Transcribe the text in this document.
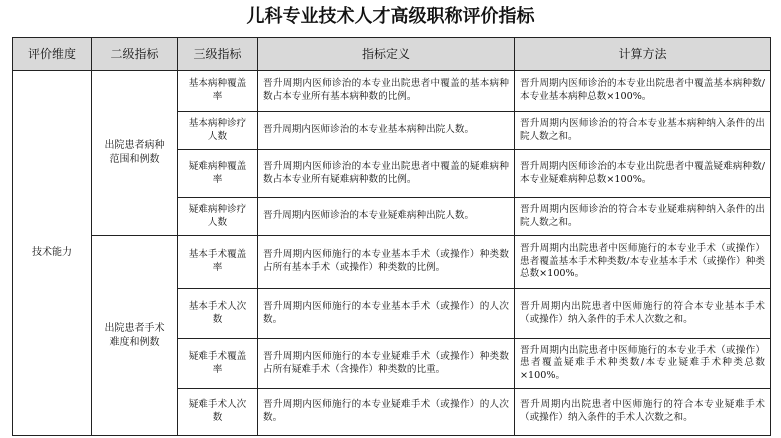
儿科专业技术人才高级职称评价指标
评价维度	二级指标	三级指标	指标定义	计算方法
技术能力	出院患者病种范围和例数	基本病种覆盖率	晋升周期内医师诊治的本专业出院患者中覆盖的基本病种数占本专业所有基本病种数的比例。	晋升周期内医师诊治的本专业出院患者中覆盖基本病种数/本专业基本病种总数×100%。
		基本病种诊疗人数	晋升周期内医师诊治的本专业基本病种出院人数。	晋升周期内医师诊治的符合本专业基本病种纳入条件的出院人数之和。
		疑难病种覆盖率	晋升周期内医师诊治的本专业出院患者中覆盖的疑难病种数占本专业所有疑难病种数的比例。	晋升周期内医师诊治的本专业出院患者中覆盖疑难病种数/本专业疑难病种总数×100%。
		疑难病种诊疗人数	晋升周期内医师诊治的本专业疑难病种出院人数。	晋升周期内医师诊治的符合本专业疑难病种纳入条件的出院人数之和。
	出院患者手术难度和例数	基本手术覆盖率	晋升周期内医师施行的本专业基本手术（或操作）种类数占所有基本手术（或操作）种类数的比例。	晋升周期内出院患者中医师施行的本专业手术（或操作）患者覆盖基本手术种类数/本专业基本手术（或操作）种类总数×100%。
		基本手术人次数	晋升周期内医师施行的本专业基本手术（或操作）的人次数。	晋升周期内出院患者中医师施行的符合本专业基本手术（或操作）纳入条件的手术人次数之和。
		疑难手术覆盖率	晋升周期内医师施行的本专业疑难手术（或操作）种类数占所有疑难手术（含操作）种类数的比重。	晋升周期内出院患者中医师施行的本专业手术（或操作）患者覆盖疑难手术种类数/本专业疑难手术种类总数×100%。
		疑难手术人次数	晋升周期内医师施行的本专业疑难手术（或操作）的人次数。	晋升周期内出院患者中医师施行的符合本专业疑难手术（或操作）纳入条件的手术人次数之和。
